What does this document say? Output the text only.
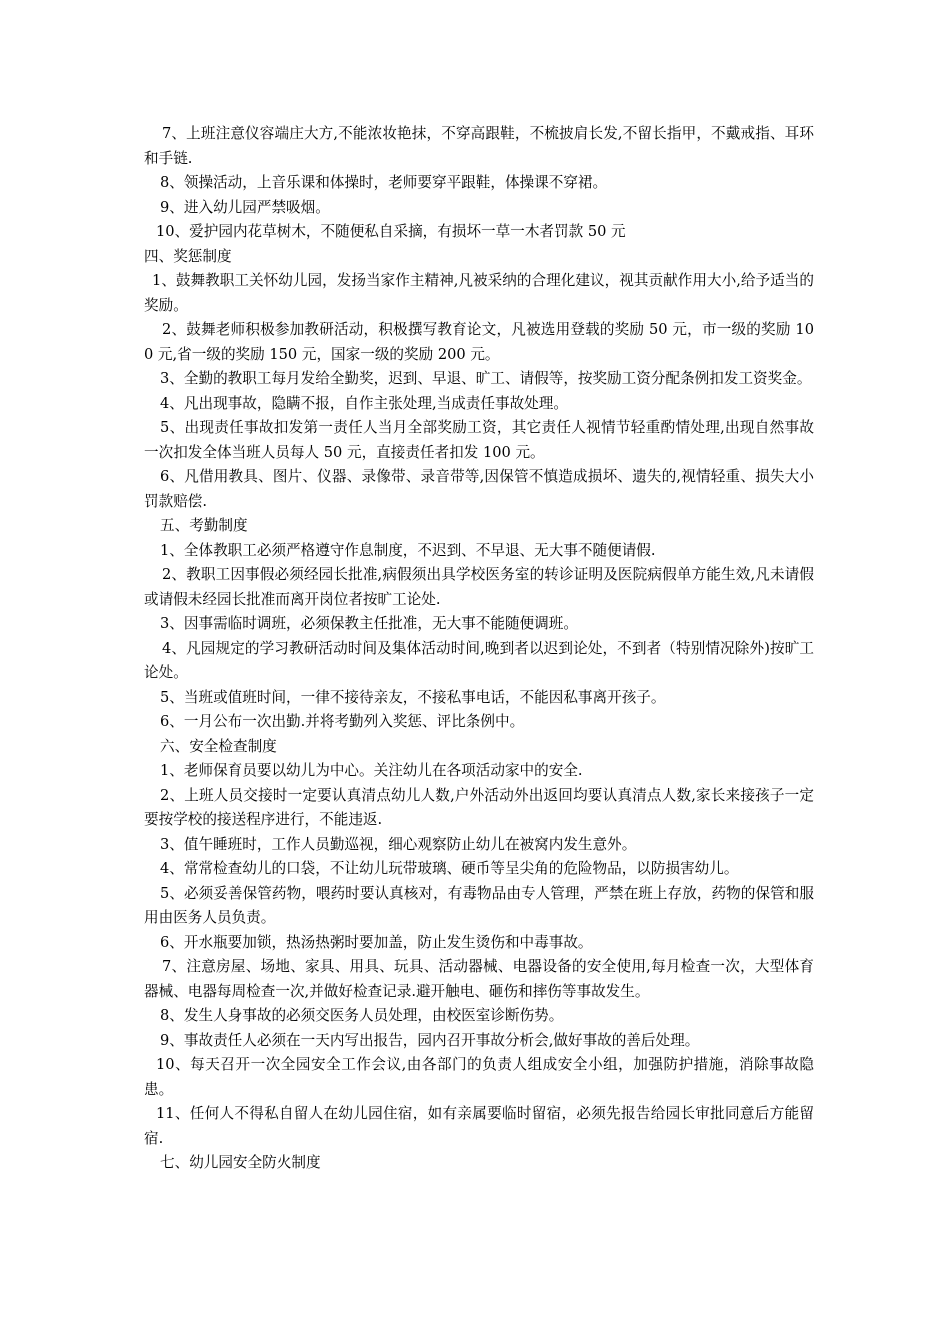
7、上班注意仪容端庄大方,不能浓妆艳抹，不穿高跟鞋，不梳披肩长发,不留长指甲，不戴戒指、耳环和手链.

8、领操活动，上音乐课和体操时，老师要穿平跟鞋，体操课不穿裙。

9、进入幼儿园严禁吸烟。

10、爱护园内花草树木，不随便私自采摘，有损坏一草一木者罚款 50 元

四、奖惩制度

1、鼓舞教职工关怀幼儿园，发扬当家作主精神,凡被采纳的合理化建议，视其贡献作用大小,给予适当的奖励。

2、鼓舞老师积极参加教研活动，积极撰写教育论文，凡被选用登载的奖励 50 元，市一级的奖励 100 元,省一级的奖励 150 元，国家一级的奖励 200 元。

3、全勤的教职工每月发给全勤奖，迟到、早退、旷工、请假等，按奖励工资分配条例扣发工资奖金。

4、凡出现事故，隐瞒不报，自作主张处理,当成责任事故处理。

5、出现责任事故扣发第一责任人当月全部奖励工资，其它责任人视情节轻重酌情处理,出现自然事故一次扣发全体当班人员每人 50 元，直接责任者扣发 100 元。

6、凡借用教具、图片、仪器、录像带、录音带等,因保管不慎造成损坏、遗失的,视情轻重、损失大小罚款赔偿.

五、考勤制度

1、全体教职工必须严格遵守作息制度，不迟到、不早退、无大事不随便请假.

2、教职工因事假必须经园长批准,病假须出具学校医务室的转诊证明及医院病假单方能生效,凡未请假或请假未经园长批准而离开岗位者按旷工论处.

3、因事需临时调班，必须保教主任批准，无大事不能随便调班。

4、凡园规定的学习教研活动时间及集体活动时间,晚到者以迟到论处，不到者（特别情况除外)按旷工论处。

5、当班或值班时间，一律不接待亲友，不接私事电话，不能因私事离开孩子。

6、一月公布一次出勤.并将考勤列入奖惩、评比条例中。

六、安全检查制度

1、老师保育员要以幼儿为中心。关注幼儿在各项活动家中的安全.

2、上班人员交接时一定要认真清点幼儿人数,户外活动外出返回均要认真清点人数,家长来接孩子一定要按学校的接送程序进行，不能违返.

3、值午睡班时，工作人员勤巡视，细心观察防止幼儿在被窝内发生意外。

4、常常检查幼儿的口袋，不让幼儿玩带玻璃、硬币等呈尖角的危险物品，以防损害幼儿。

5、必须妥善保管药物，喂药时要认真核对，有毒物品由专人管理，严禁在班上存放，药物的保管和服用由医务人员负责。

6、开水瓶要加锁，热汤热粥时要加盖，防止发生烫伤和中毒事故。

7、注意房屋、场地、家具、用具、玩具、活动器械、电器设备的安全使用,每月检查一次，大型体育器械、电器每周检查一次,并做好检查记录.避开触电、砸伤和摔伤等事故发生。

8、发生人身事故的必须交医务人员处理，由校医室诊断伤势。

9、事故责任人必须在一天内写出报告，园内召开事故分析会,做好事故的善后处理。

10、每天召开一次全园安全工作会议,由各部门的负责人组成安全小组，加强防护措施，消除事故隐患。

11、任何人不得私自留人在幼儿园住宿，如有亲属要临时留宿，必须先报告给园长审批同意后方能留宿.

七、幼儿园安全防火制度
